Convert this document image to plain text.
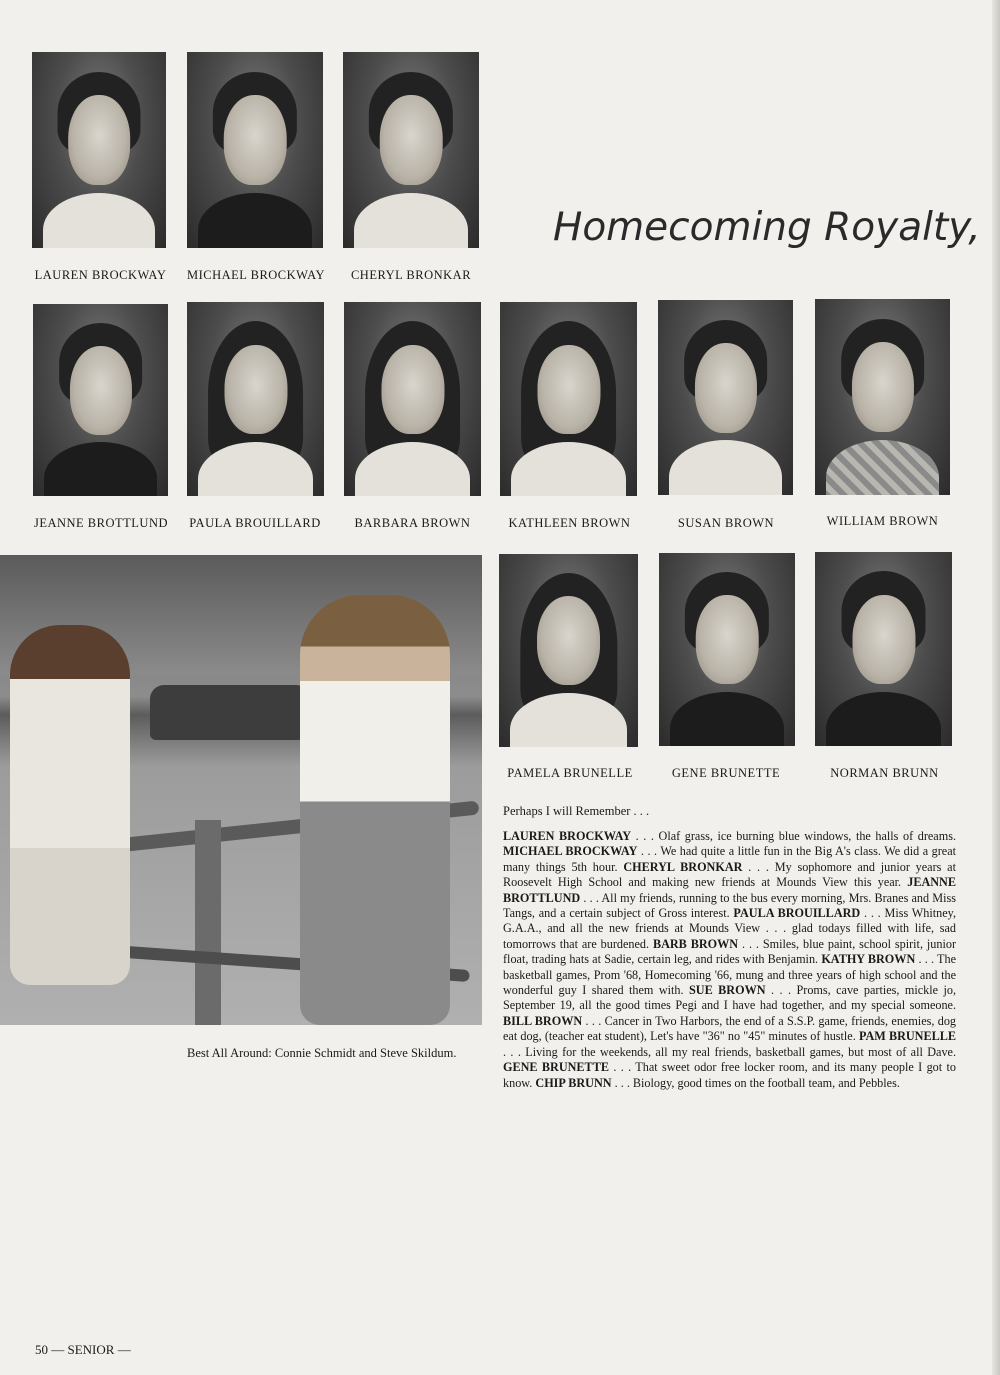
LAUREN BROCKWAY	MICHAEL BROCKWAY	CHERYL BRONKAR
Homecoming Royalty,
JEANNE BROTTLUND	PAULA BROUILLARD	BARBARA BROWN	KATHLEEN BROWN	SUSAN BROWN	WILLIAM BROWN
Best All Around: Connie Schmidt and Steve Skildum.
PAMELA BRUNELLE	GENE BRUNETTE	NORMAN BRUNN
Perhaps I will Remember . . .
LAUREN BROCKWAY . . . Olaf grass, ice burning blue windows, the halls of dreams. MICHAEL BROCKWAY . . . We had quite a little fun in the Big A's class. We did a great many things 5th hour. CHERYL BRONKAR . . . My sophomore and junior years at Roosevelt High School and making new friends at Mounds View this year. JEANNE BROTTLUND . . . All my friends, running to the bus every morning, Mrs. Branes and Miss Tangs, and a certain subject of Gross interest. PAULA BROUILLARD . . . Miss Whitney, G.A.A., and all the new friends at Mounds View . . . glad todays filled with life, sad tomorrows that are burdened. BARB BROWN . . . Smiles, blue paint, school spirit, junior float, trading hats at Sadie, certain leg, and rides with Benjamin. KATHY BROWN . . . The basketball games, Prom '68, Homecoming '66, mung and three years of high school and the wonderful guy I shared them with. SUE BROWN . . . Proms, cave parties, mickle jo, September 19, all the good times Pegi and I have had together, and my special someone. BILL BROWN . . . Cancer in Two Harbors, the end of a S.S.P. game, friends, enemies, dog eat dog, (teacher eat student), Let's have "36" no "45" minutes of hustle. PAM BRUNELLE . . . Living for the weekends, all my real friends, basketball games, but most of all Dave. GENE BRUNETTE . . . That sweet odor free locker room, and its many people I got to know. CHIP BRUNN . . . Biology, good times on the football team, and Pebbles.
50 — SENIOR —
